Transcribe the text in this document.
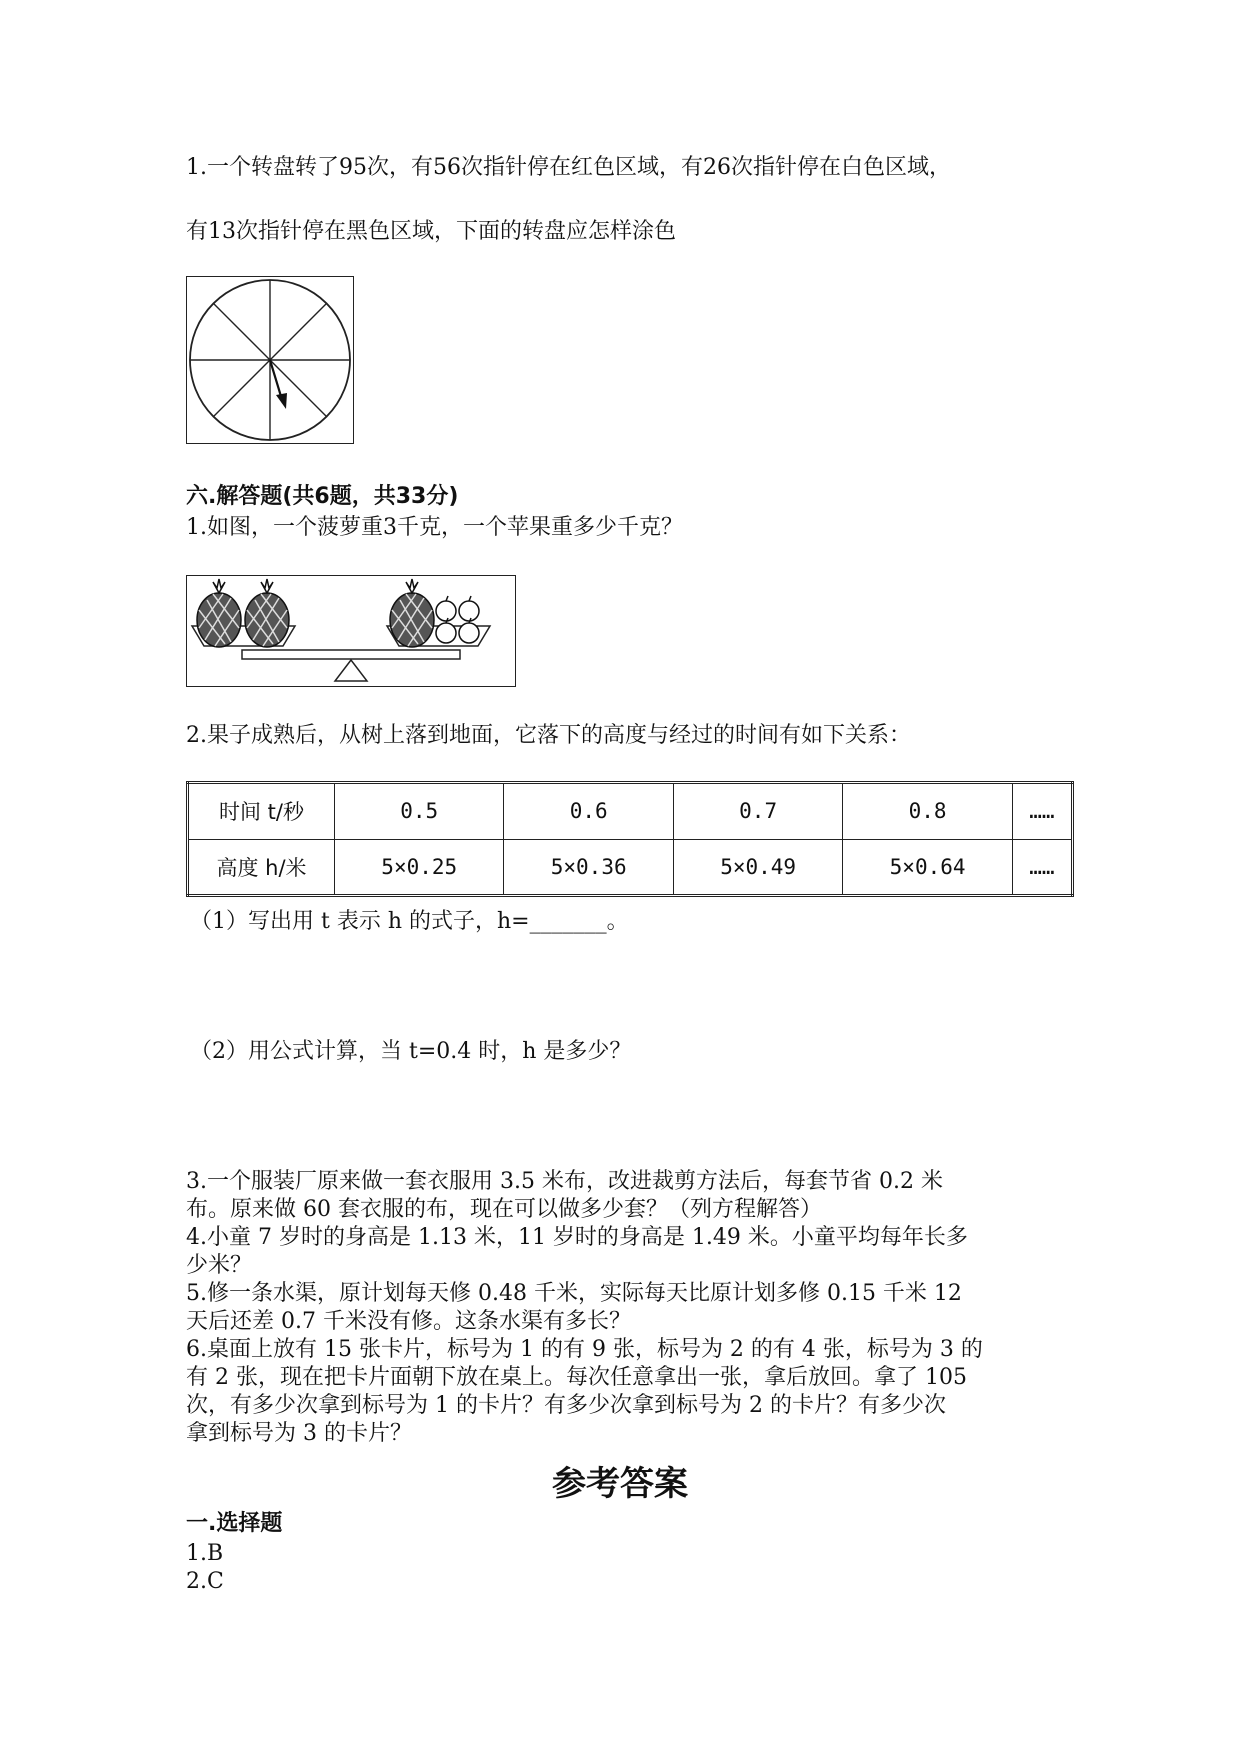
1.一个转盘转了95次，有56次指针停在红色区域，有26次指针停在白色区域，
有13次指针停在黑色区域，下面的转盘应怎样涂色
六.解答题(共6题，共33分)
1.如图，一个菠萝重3千克，一个苹果重多少千克？
2.果子成熟后，从树上落到地面，它落下的高度与经过的时间有如下关系：
时间 t/秒	0.5	0.6	0.7	0.8	……
高度 h/米	5×0.25	5×0.36	5×0.49	5×0.64	……
（1）写出用 t 表示 h 的式子，h=_______。
（2）用公式计算，当 t=0.4 时，h 是多少？
3.一个服装厂原来做一套衣服用 3.5 米布，改进裁剪方法后，每套节省 0.2 米
布。原来做 60 套衣服的布，现在可以做多少套？（列方程解答）
4.小童 7 岁时的身高是 1.13 米，11 岁时的身高是 1.49 米。小童平均每年长多
少米？
5.修一条水渠，原计划每天修 0.48 千米，实际每天比原计划多修 0.15 千米 12
天后还差 0.7 千米没有修。这条水渠有多长？
6.桌面上放有 15 张卡片，标号为 1 的有 9 张，标号为 2 的有 4 张，标号为 3 的
有 2 张，现在把卡片面朝下放在桌上。每次任意拿出一张，拿后放回。拿了 105
次，有多少次拿到标号为 1 的卡片？有多少次拿到标号为 2 的卡片？有多少次
拿到标号为 3 的卡片？
参考答案
一.选择题
1.B
2.C
